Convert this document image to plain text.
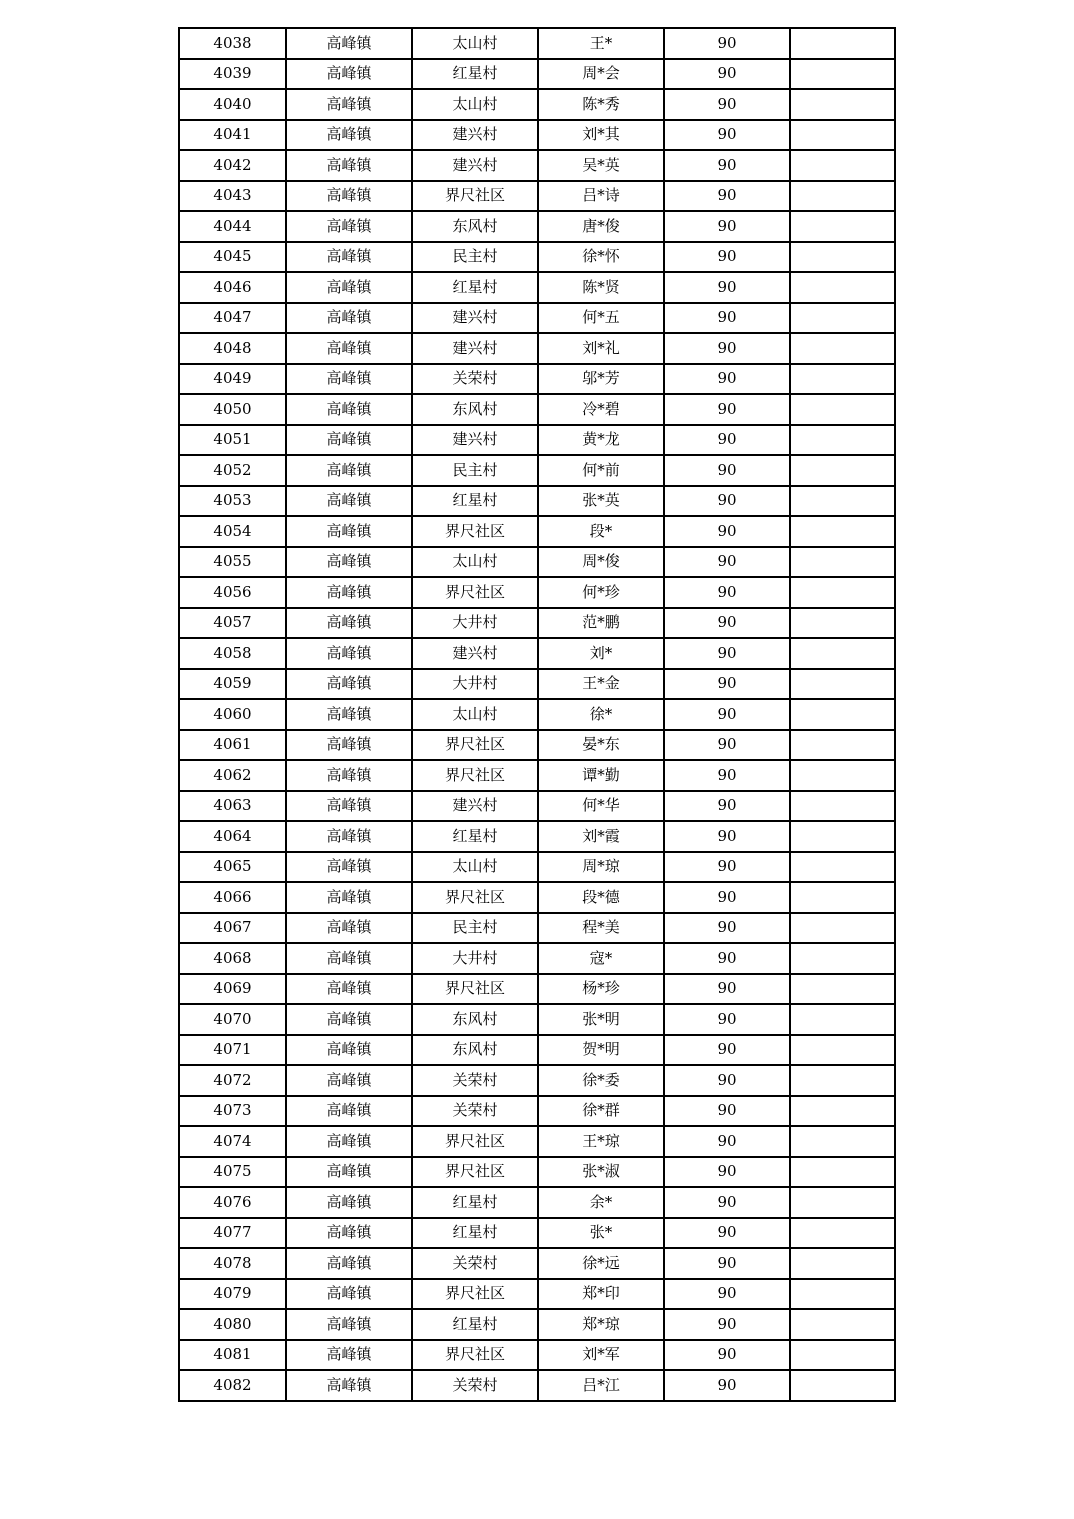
4038	高峰镇	太山村	王*	90	
4039	高峰镇	红星村	周*会	90	
4040	高峰镇	太山村	陈*秀	90	
4041	高峰镇	建兴村	刘*其	90	
4042	高峰镇	建兴村	吴*英	90	
4043	高峰镇	界尺社区	吕*诗	90	
4044	高峰镇	东风村	唐*俊	90	
4045	高峰镇	民主村	徐*怀	90	
4046	高峰镇	红星村	陈*贤	90	
4047	高峰镇	建兴村	何*五	90	
4048	高峰镇	建兴村	刘*礼	90	
4049	高峰镇	关荣村	邬*芳	90	
4050	高峰镇	东风村	冷*碧	90	
4051	高峰镇	建兴村	黄*龙	90	
4052	高峰镇	民主村	何*前	90	
4053	高峰镇	红星村	张*英	90	
4054	高峰镇	界尺社区	段*	90	
4055	高峰镇	太山村	周*俊	90	
4056	高峰镇	界尺社区	何*珍	90	
4057	高峰镇	大井村	范*鹏	90	
4058	高峰镇	建兴村	刘*	90	
4059	高峰镇	大井村	王*金	90	
4060	高峰镇	太山村	徐*	90	
4061	高峰镇	界尺社区	晏*东	90	
4062	高峰镇	界尺社区	谭*勤	90	
4063	高峰镇	建兴村	何*华	90	
4064	高峰镇	红星村	刘*霞	90	
4065	高峰镇	太山村	周*琼	90	
4066	高峰镇	界尺社区	段*德	90	
4067	高峰镇	民主村	程*美	90	
4068	高峰镇	大井村	寇*	90	
4069	高峰镇	界尺社区	杨*珍	90	
4070	高峰镇	东风村	张*明	90	
4071	高峰镇	东风村	贺*明	90	
4072	高峰镇	关荣村	徐*委	90	
4073	高峰镇	关荣村	徐*群	90	
4074	高峰镇	界尺社区	王*琼	90	
4075	高峰镇	界尺社区	张*淑	90	
4076	高峰镇	红星村	余*	90	
4077	高峰镇	红星村	张*	90	
4078	高峰镇	关荣村	徐*远	90	
4079	高峰镇	界尺社区	郑*印	90	
4080	高峰镇	红星村	郑*琼	90	
4081	高峰镇	界尺社区	刘*军	90	
4082	高峰镇	关荣村	吕*江	90	
